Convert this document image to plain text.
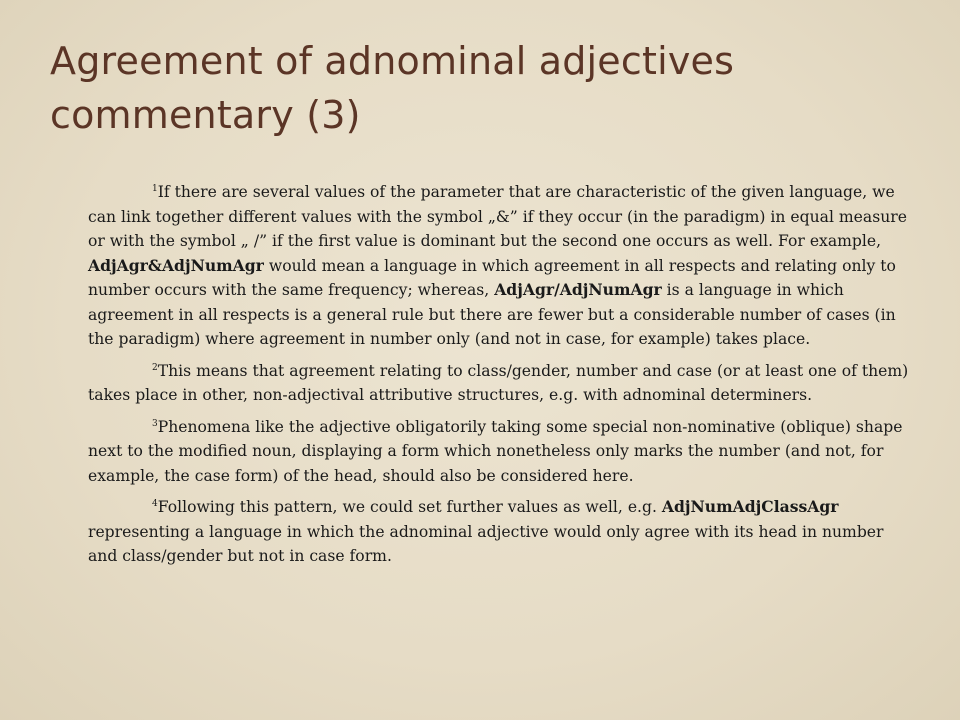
Agreement of adnominal adjectives
commentary (3)

$^1$If there are several values of the parameter that are characteristic of the given language, we can link together different values with the symbol „&” if they occur (in the paradigm) in equal measure or with the symbol „ /” if the first value is dominant but the second one occurs as well. For example, AdjAgr&AdjNumAgr would mean a language in which agreement in all respects and relating only to number occurs with the same frequency; whereas, AdjAgr/AdjNumAgr is a language in which agreement in all respects is a general rule but there are fewer but a considerable number of cases (in the paradigm) where agreement in number only (and not in case, for example) takes place.

$^2$This means that agreement relating to class/gender, number and case (or at least one of them) takes place in other, non-adjectival attributive structures, e.g. with adnominal determiners.

$^3$Phenomena like the adjective obligatorily taking some special non-nominative (oblique) shape next to the modified noun, displaying a form which nonetheless only marks the number (and not, for example, the case form) of the head, should also be considered here.

$^4$Following this pattern, we could set further values as well, e.g. AdjNumAdjClassAgr representing a language in which the adnominal adjective would only agree with its head in number and class/gender but not in case form.
